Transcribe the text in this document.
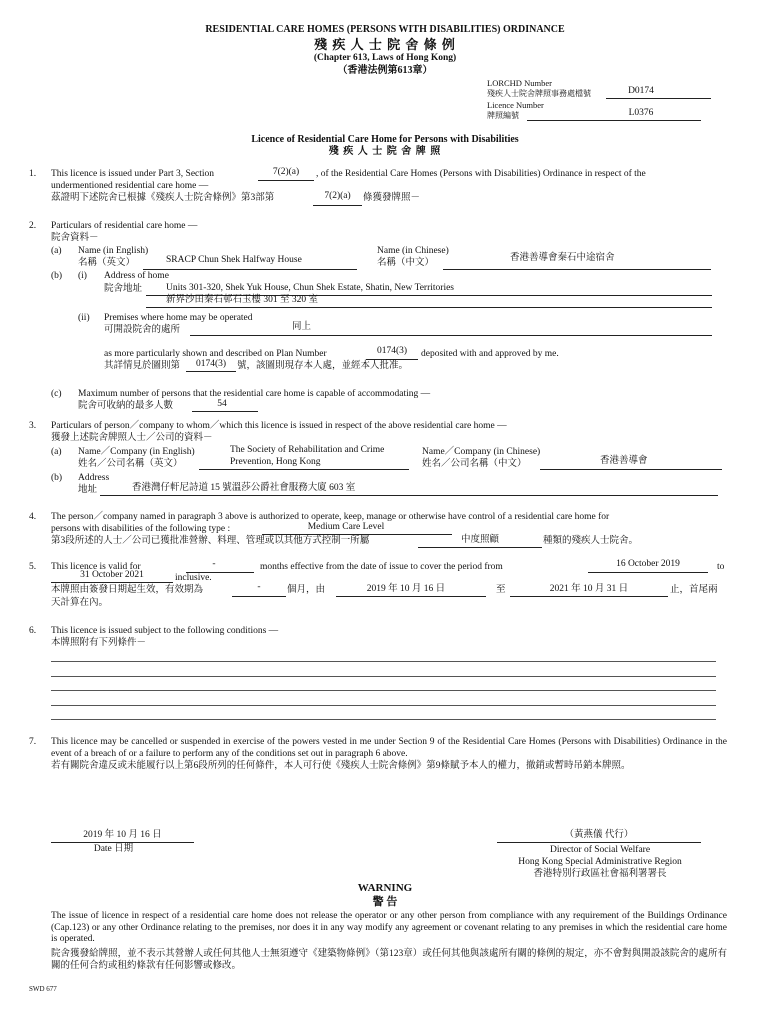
RESIDENTIAL CARE HOMES (PERSONS WITH DISABILITIES) ORDINANCE
殘 疾 人 士 院 舍 條 例
(Chapter 613, Laws of Hong Kong)
（香港法例第613章）
LORCHD Number
殘疾人士院舍牌照事務處檔號	D0174
Licence Number
牌照編號	L0376
Licence of Residential Care Home for Persons with Disabilities
殘 疾 人 士 院 舍 牌 照
1. This licence is issued under Part 3, Section	7(2)(a)	, of the Residential Care Homes (Persons with Disabilities) Ordinance in respect of the
undermentioned residential care home —
茲證明下述院舍已根據《殘疾人士院舍條例》第3部第	7(2)(a)	條獲發牌照－
2. Particulars of residential care home —
院舍資料－
(a) Name (in English)
名稱（英文）	SRACP Chun Shek Halfway House
Name (in Chinese)
名稱（中文）	香港善導會秦石中途宿舍
(b) (i) Address of home
院舍地址	Units 301-320, Shek Yuk House, Chun Shek Estate, Shatin, New Territories
新界沙田秦石邨石玉樓 301 至 320 室
(ii) Premises where home may be operated
可開設院舍的處所	同上
as more particularly shown and described on Plan Number	0174(3)	deposited with and approved by me.
其詳情見於圖則第	0174(3)	號，該圖則現存本人處，並經本人批准。
(c) Maximum number of persons that the residential care home is capable of accommodating —
院舍可收納的最多人數	54
3. Particulars of person／company to whom／which this licence is issued in respect of the above residential care home —
獲發上述院舍牌照人士／公司的資料－
(a) Name／Company (in English)
姓名／公司名稱（英文）
The Society of Rehabilitation and Crime
Prevention, Hong Kong
Name／Company (in Chinese)
姓名／公司名稱（中文）	香港善導會
(b) Address
地址	香港灣仔軒尼詩道 15 號溫莎公爵社會服務大廈 603 室
4. The person／company named in paragraph 3 above is authorized to operate, keep, manage or otherwise have control of a residential care home for
persons with disabilities of the following type :	Medium Care Level
第3段所述的人士／公司已獲批准營辦、料理、管理或以其他方式控制一所屬	中度照顧	種類的殘疾人士院舍。
5. This licence is valid for	-	months effective from the date of issue to cover the period from	16 October 2019	to
31 October 2021	inclusive.
本牌照由簽發日期起生效，有效期為	-	個月，由	2019 年 10 月 16 日	至	2021 年 10 月 31 日	止，首尾兩
天計算在內。
6. This licence is issued subject to the following conditions —
本牌照附有下列條件－
7. This licence may be cancelled or suspended in exercise of the powers vested in me under Section 9 of the Residential Care Homes (Persons with Disabilities) Ordinance in the event of a breach of or a failure to perform any of the conditions set out in paragraph 6 above.
若有關院舍違反或未能履行以上第6段所列的任何條件，本人可行使《殘疾人士院舍條例》第9條賦予本人的權力，撤銷或暫時吊銷本牌照。
2019 年 10 月 16 日
Date 日期
（黃燕儀 代行）
Director of Social Welfare
Hong Kong Special Administrative Region
香港特別行政區社會福利署署長
WARNING
警 告
The issue of licence in respect of a residential care home does not release the operator or any other person from compliance with any requirement of the Buildings Ordinance (Cap.123) or any other Ordinance relating to the premises, nor does it in any way modify any agreement or covenant relating to any premises in which the residential care home is operated.
院舍獲發給牌照，並不表示其營辦人或任何其他人士無須遵守《建築物條例》（第123章）或任何其他與該處所有關的條例的規定，亦不會對與開設該院舍的處所有關的任何合約或租約條款有任何影響或修改。
SWD 677
